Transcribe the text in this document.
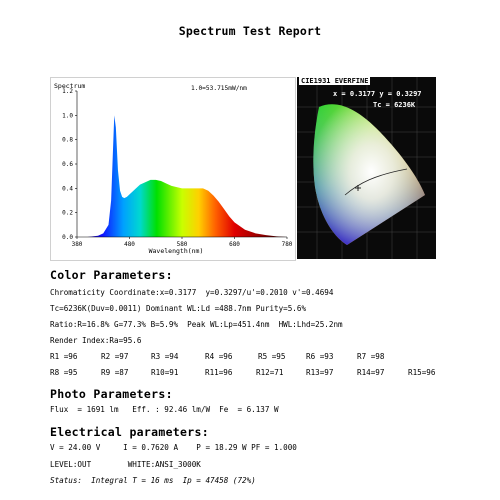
Spectrum Test Report
Spectrum	1.0=53.715mW/nm
1.2
1.0
0.8
0.6
0.4
0.2
0.0
380	480	580	680	780
Wavelength(nm)
CIE1931 EVERFINE
x = 0.3177 y = 0.3297
Tc = 6236K
Color Parameters:
Chromaticity Coordinate:x=0.3177  y=0.3297/u'=0.2010 v'=0.4694
Tc=6236K(Duv=0.0011) Dominant WL:Ld =488.7nm Purity=5.6%
Ratio:R=16.8% G=77.3% B=5.9%  Peak WL:Lp=451.4nm  HWL:Lhd=25.2nm
Render Index:Ra=95.6
R1 =96	R2 =97	R3 =94	R4 =96	R5 =95	R6 =93	R7 =98
R8 =95	R9 =87	R10=91	R11=96	R12=71	R13=97	R14=97	R15=96
Photo Parameters:
Flux  = 1691 lm   Eff. : 92.46 lm/W  Fe  = 6.137 W
Electrical parameters:
V = 24.00 V     I = 0.7620 A    P = 18.29 W PF = 1.000
LEVEL:OUT        WHITE:ANSI_3000K
Status:  Integral T = 16 ms  Ip = 47458 (72%)
